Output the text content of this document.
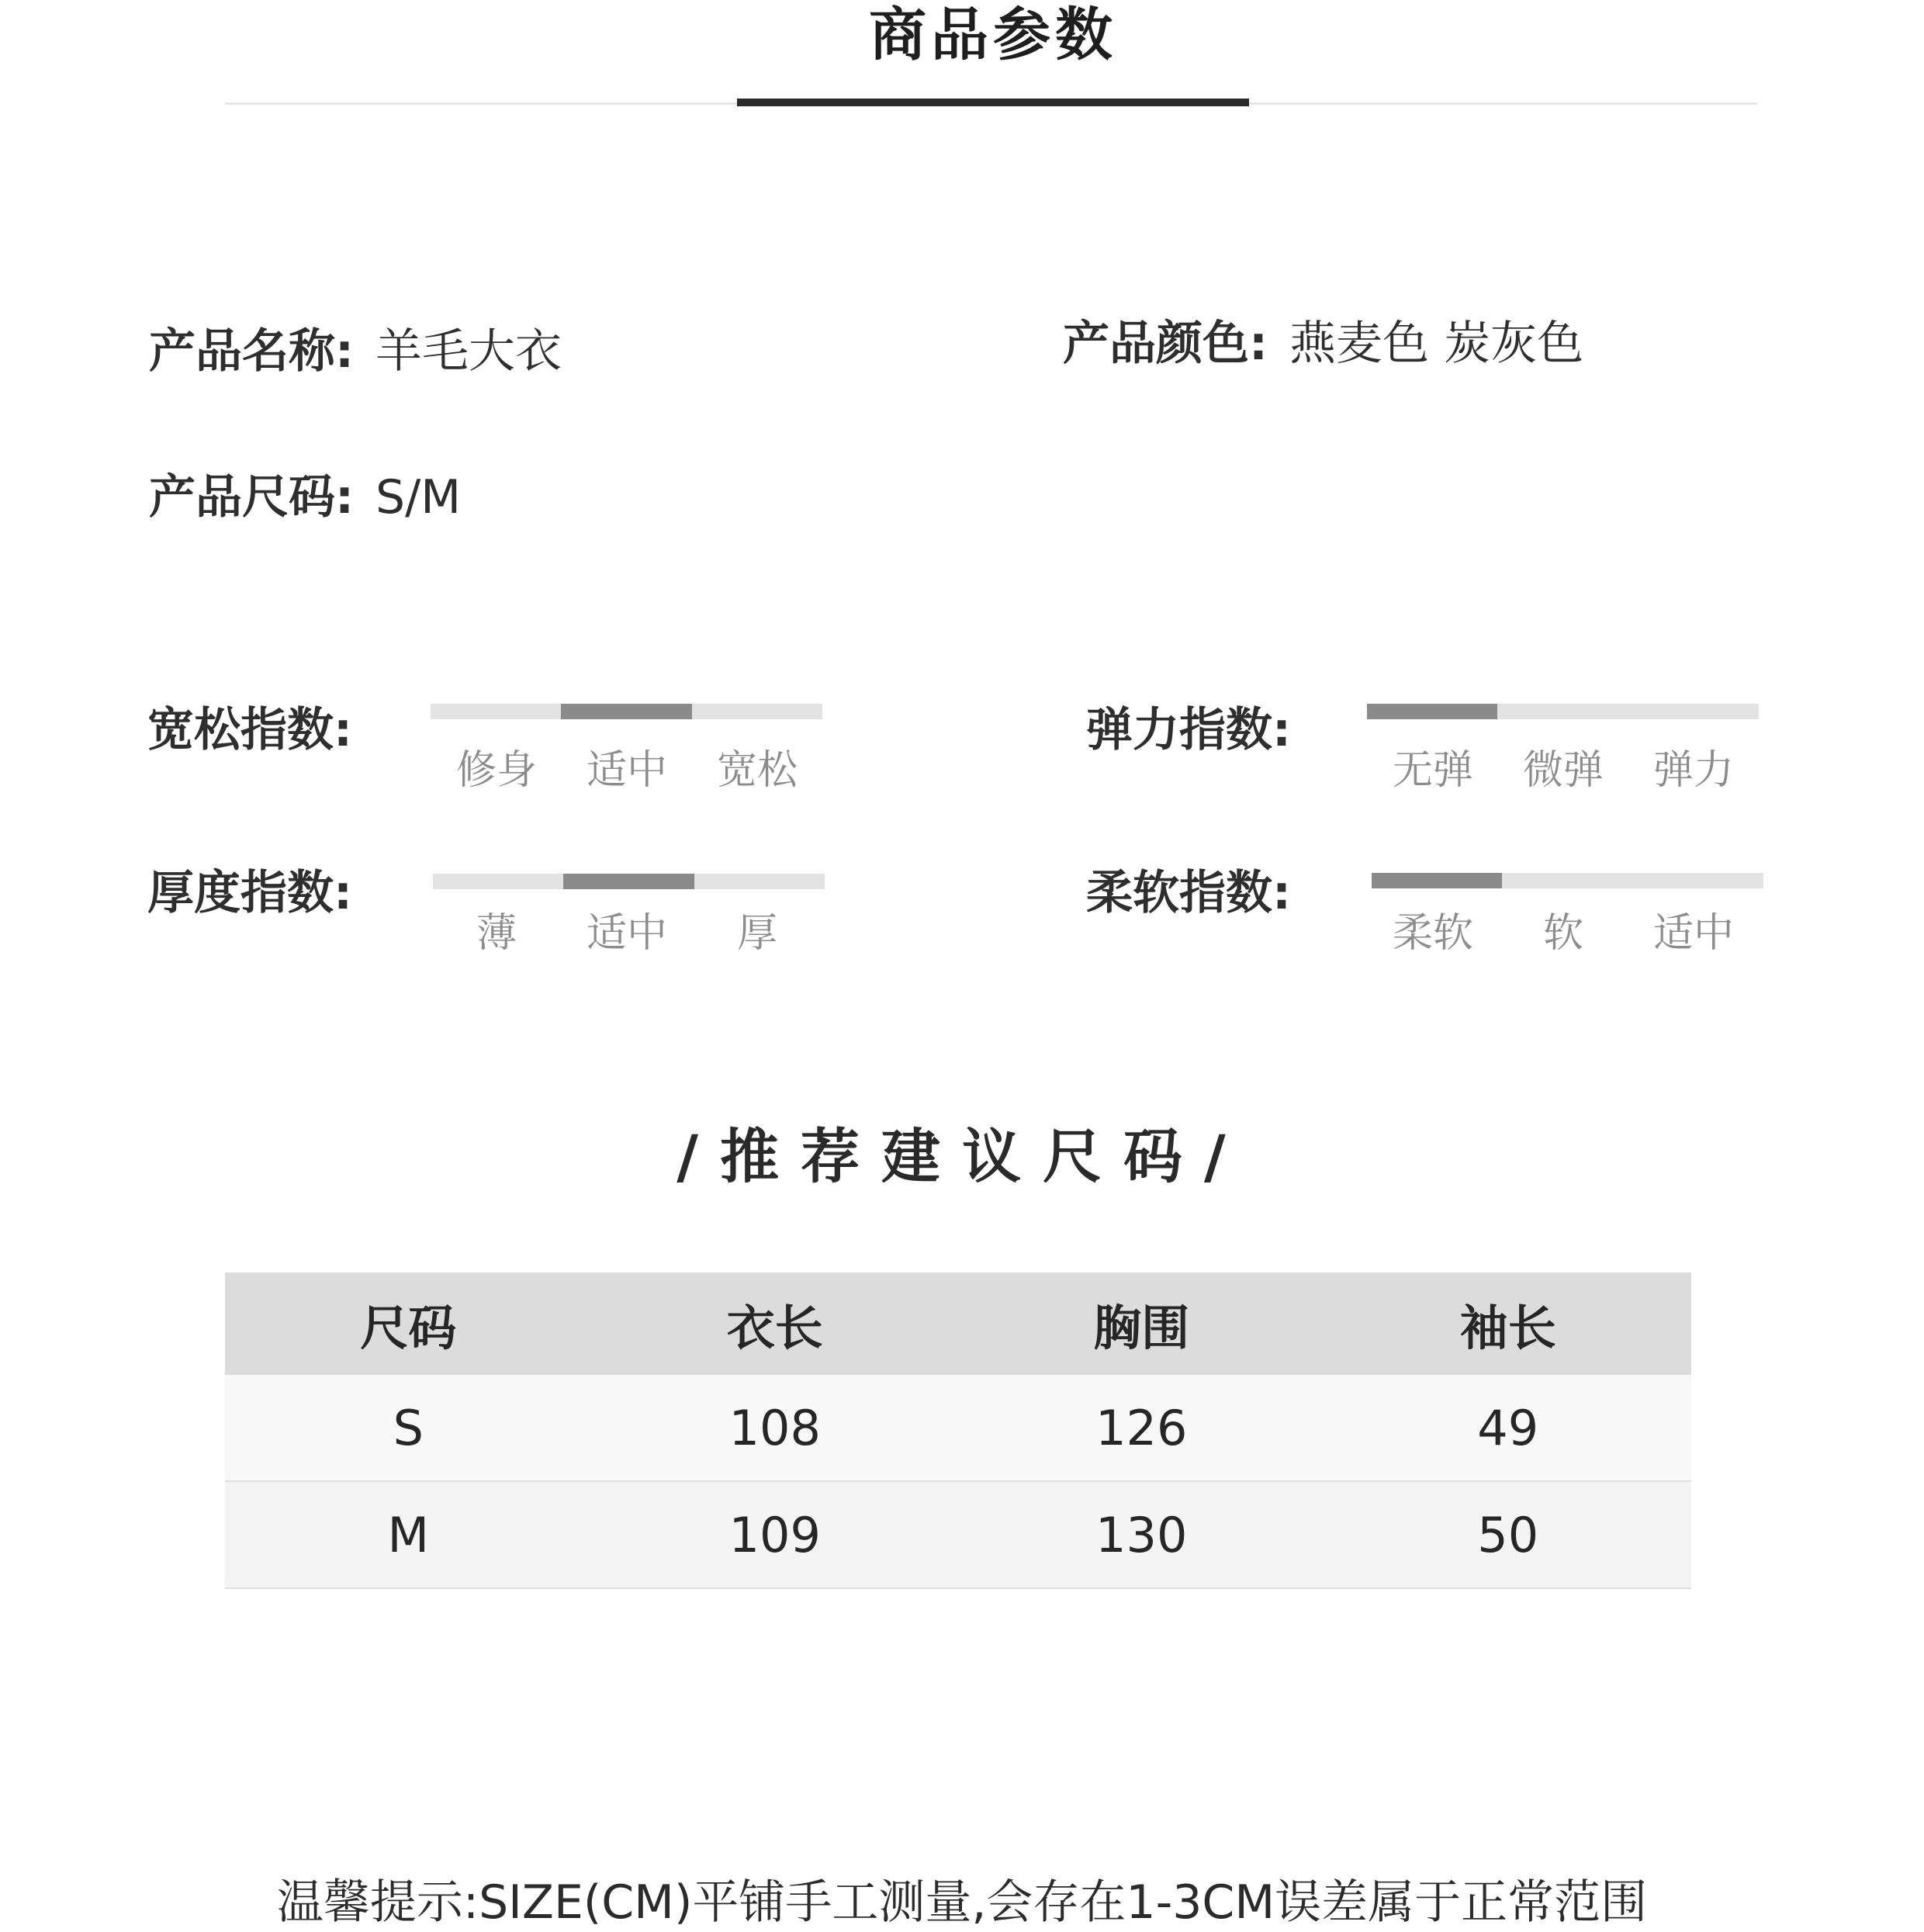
商品参数
产品名称: 羊毛大衣	产品颜色: 燕麦色 炭灰色
产品尺码: S/M
宽松指数:
修身	适中	宽松
弹力指数:
无弹	微弹	弹力
厚度指数:
薄	适中	厚
柔软指数:
柔软	软	适中
/推荐建议尺码/
尺码	衣长	胸围	袖长
S	108	126	49
M	109	130	50
温馨提示:SIZE(CM)平铺手工测量,会存在1-3CM误差属于正常范围
